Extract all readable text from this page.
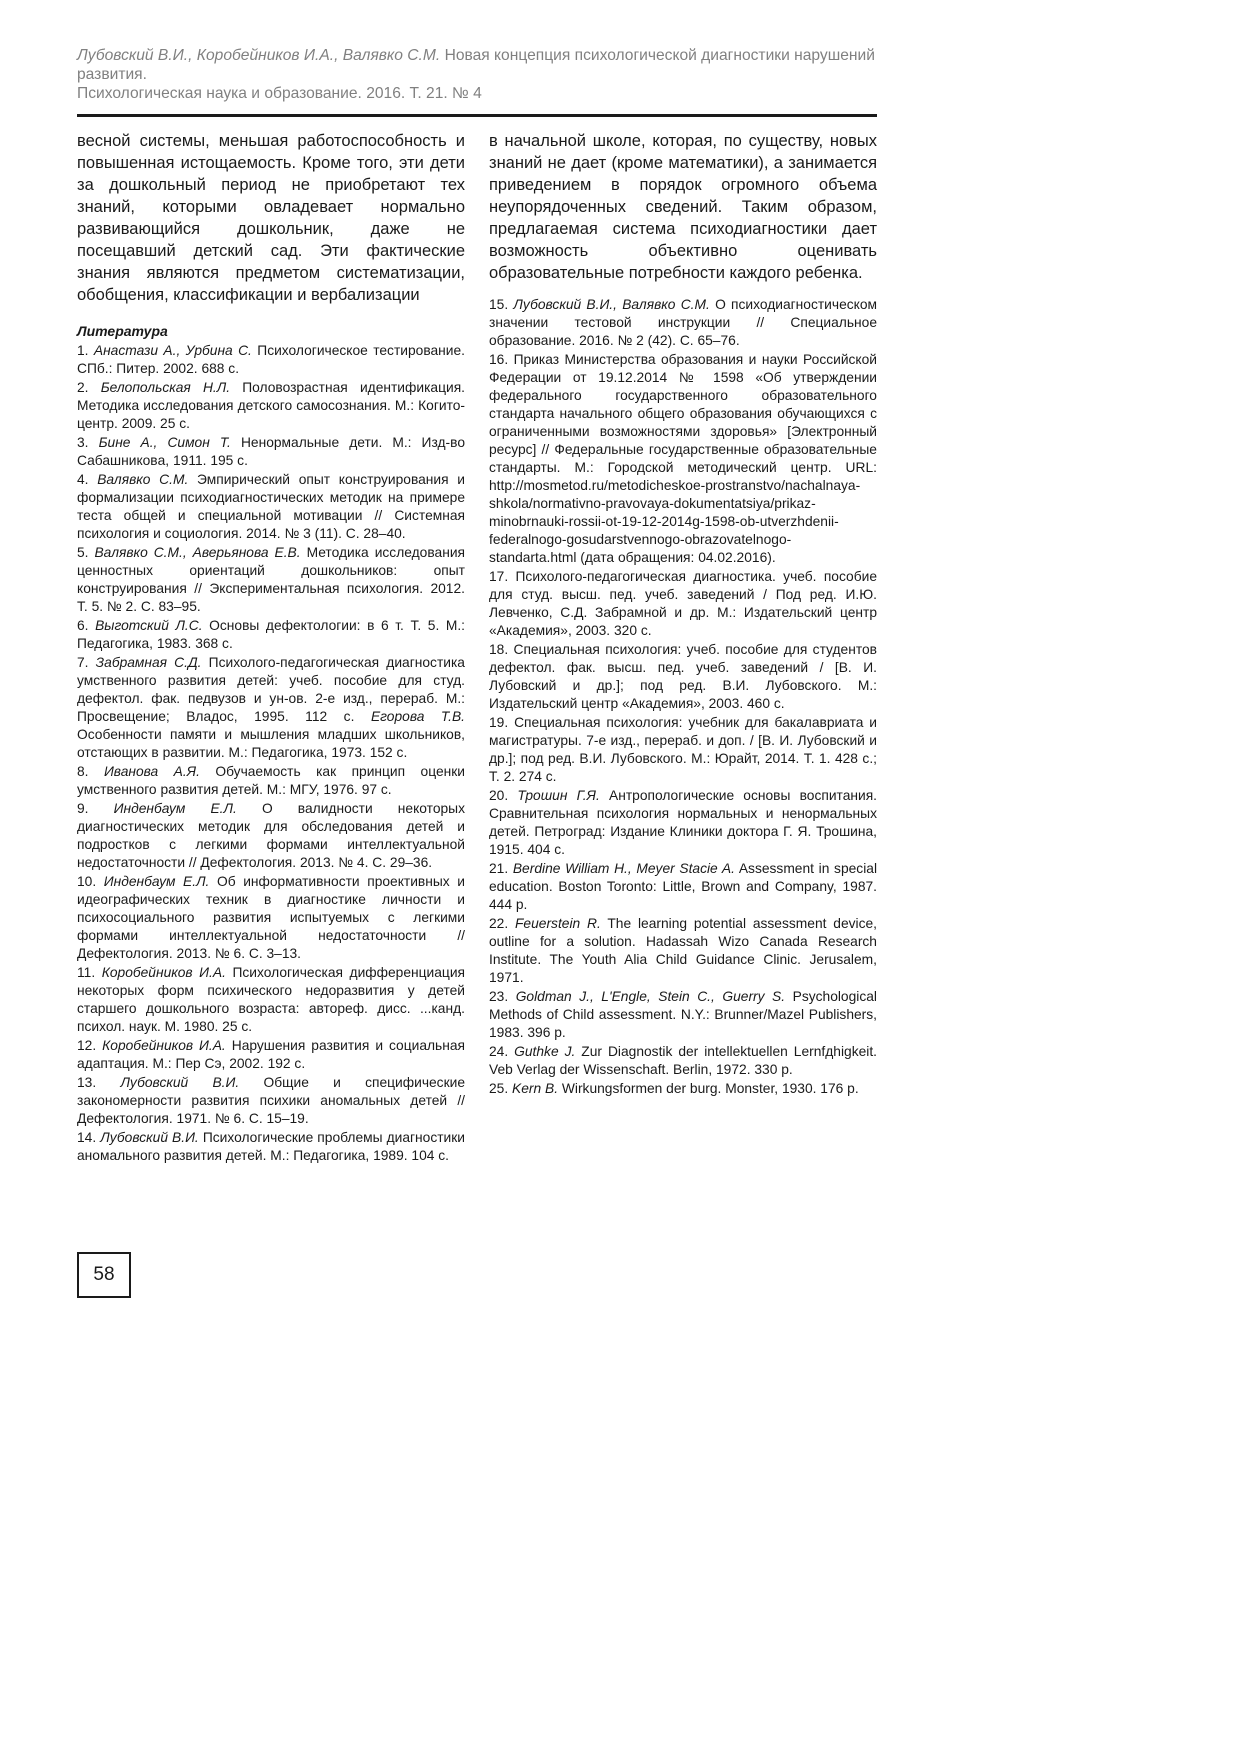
Лубовский В.И., Коробейников И.А., Валявко С.М. Новая концепция психологической диагностики нарушений развития.
Психологическая наука и образование. 2016. Т. 21. № 4

весной системы, меньшая работоспособность и повышенная истощаемость. Кроме того, эти дети за дошкольный период не приобретают тех знаний, которыми овладевает нормально развивающийся дошкольник, даже не посещавший детский сад. Эти фактические знания являются предметом систематизации, обобщения, классификации и вербализации

Литература
1. Анастази А., Урбина С. Психологическое тестирование. СПб.: Питер. 2002. 688 с.
2. Белопольская Н.Л. Половозрастная идентификация. Методика исследования детского самосознания. М.: Когито-центр. 2009. 25 с.
3. Бине А., Симон Т. Ненормальные дети. М.: Изд-во Сабашниковa, 1911. 195 с.
4. Валявко С.М. Эмпирический опыт конструирования и формализации психодиагностических методик на примере теста общей и специальной мотивации // Системная психология и социология. 2014. № 3 (11). С. 28–40.
5. Валявко С.М., Аверьянова Е.В. Методика исследования ценностных ориентаций дошкольников: опыт конструирования // Экспериментальная психология. 2012. Т. 5. № 2. С. 83–95.
6. Выготский Л.С. Основы дефектологии: в 6 т. Т. 5. М.: Педагогика, 1983. 368 с.
7. Забрамная С.Д. Психолого-педагогическая диагностика умственного развития детей: учеб. пособие для студ. дефектол. фак. педвузов и ун-ов. 2-е изд., перераб. М.: Просвещение; Владос, 1995. 112 с. Егорова Т.В. Особенности памяти и мышления младших школьников, отстающих в развитии. М.: Педагогика, 1973. 152 с.
8. Иванова А.Я. Обучаемость как принцип оценки умственного развития детей. М.: МГУ, 1976. 97 с.
9. Инденбаум Е.Л. О валидности некоторых диагностических методик для обследования детей и подростков с легкими формами интеллектуальной недостаточности // Дефектология. 2013. № 4. С. 29–36.
10. Инденбаум Е.Л. Об информативности проективных и идеографических техник в диагностике личности и психосоциального развития испытуемых с легкими формами интеллектуальной недостаточности // Дефектология. 2013. № 6. С. 3–13.
11. Коробейников И.А. Психологическая дифференциация некоторых форм психического недоразвития у детей старшего дошкольного возраста: автореф. дисс. ...канд. психол. наук. М. 1980. 25 с.
12. Коробейников И.А. Нарушения развития и социальная адаптация. М.: Пер Сэ, 2002. 192 с.
13. Лубовский В.И. Общие и специфические закономерности развития психики аномальных детей // Дефектология. 1971. № 6. С. 15–19.
14. Лубовский В.И. Психологические проблемы диагностики аномального развития детей. М.: Педагогика, 1989. 104 с.

в начальной школе, которая, по существу, новых знаний не дает (кроме математики), а занимается приведением в порядок огромного объема неупорядоченных сведений. Таким образом, предлагаемая система психодиагностики дает возможность объективно оценивать образовательные потребности каждого ребенка.

15. Лубовский В.И., Валявко С.М. О психодиагностическом значении тестовой инструкции // Специальное образование. 2016. № 2 (42). С. 65–76.
16. Приказ Министерства образования и науки Российской Федерации от 19.12.2014 № 1598 «Об утверждении федерального государственного образовательного стандарта начального общего образования обучающихся с ограниченными возможностями здоровья» [Электронный ресурс] // Федеральные государственные образовательные стандарты. М.: Городской методический центр. URL: http://mosmetod.ru/metodicheskoe-prostranstvo/nachalnaya-shkola/normativno-pravovaya-dokumentatsiya/prikaz-minobrnauki-rossii-ot-19-12-2014g-1598-ob-utverzhdenii-federalnogo-gosudarstvennogo-obrazovatelnogo-standarta.html (дата обращения: 04.02.2016).
17. Психолого-педагогическая диагностика. учеб. пособие для студ. высш. пед. учеб. заведений / Под ред. И.Ю. Левченко, С.Д. Забрамной и др. М.: Издательский центр «Академия», 2003. 320 с.
18. Специальная психология: учеб. пособие для студентов дефектол. фак. высш. пед. учеб. заведений / [В. И. Лубовский и др.]; под ред. В.И. Лубовского. М.: Издательский центр «Академия», 2003. 460 с.
19. Специальная психология: учебник для бакалавриата и магистратуры. 7-е изд., перераб. и доп. / [В. И. Лубовский и др.]; под ред. В.И. Лубовского. М.: Юрайт, 2014. Т. 1. 428 с.; Т. 2. 274 с.
20. Трошин Г.Я. Антропологические основы воспитания. Сравнительная психология нормальных и ненормальных детей. Петроград: Издание Клиники доктора Г. Я. Трошина, 1915. 404 с.
21. Berdine William H., Meyer Stacie A. Assessment in special education. Boston Toronto: Little, Brown and Company, 1987. 444 p.
22. Feuerstein R. The learning potential assessment device, outline for a solution. Hadassah Wizo Canada Research Institute. The Youth Alia Child Guidance Clinic. Jerusalem, 1971.
23. Goldman J., L'Engle, Stein C., Guerry S. Psychological Methods of Child assessment. N.Y.: Brunner/Mazel Publishers, 1983. 396 p.
24. Guthke J. Zur Diagnostik der intellektuellen Lernfдhigkeit. Veb Verlag der Wissenschaft. Berlin, 1972. 330 p.
25. Kern B. Wirkungsformen der burg. Monster, 1930. 176 p.
58
